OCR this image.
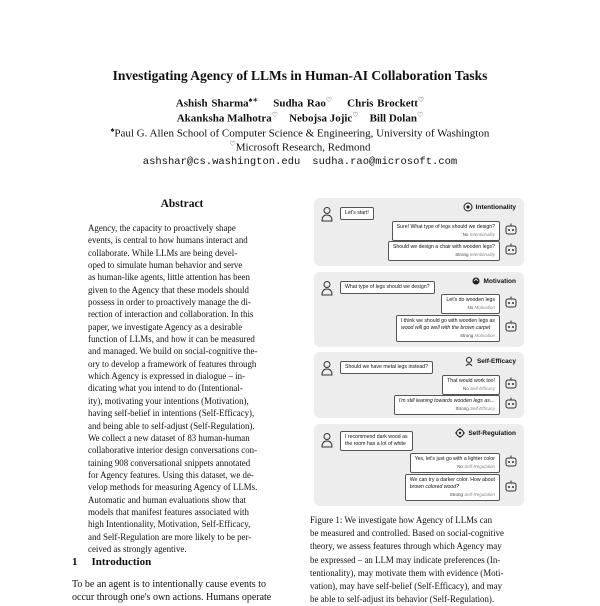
Investigating Agency of LLMs in Human-AI Collaboration Tasks
Ashish Sharma♠∗ Sudha Rao♡ Chris Brockett♡
Akanksha Malhotra♡ Nebojsa Jojic♡ Bill Dolan♡
♠Paul G. Allen School of Computer Science & Engineering, University of Washington
♡Microsoft Research, Redmond
ashshar@cs.washington.edu sudha.rao@microsoft.com
Abstract
Agency, the capacity to proactively shape
events, is central to how humans interact and
collaborate. While LLMs are being devel-
oped to simulate human behavior and serve
as human-like agents, little attention has been
given to the Agency that these models should
possess in order to proactively manage the di-
rection of interaction and collaboration. In this
paper, we investigate Agency as a desirable
function of LLMs, and how it can be measured
and managed. We build on social-cognitive the-
ory to develop a framework of features through
which Agency is expressed in dialogue – in-
dicating what you intend to do (Intentional-
ity), motivating your intentions (Motivation),
having self-belief in intentions (Self-Efficacy),
and being able to self-adjust (Self-Regulation).
We collect a new dataset of 83 human-human
collaborative interior design conversations con-
taining 908 conversational snippets annotated
for Agency features. Using this dataset, we de-
velop methods for measuring Agency of LLMs.
Automatic and human evaluations show that
models that manifest features associated with
high Intentionality, Motivation, Self-Efficacy,
and Self-Regulation are more likely to be per-
ceived as strongly agentive.
1 Introduction
To be an agent is to intentionally cause events to
occur through one's own actions. Humans operate
Intentionality
Let's start!
Sure! What type of legs should we design?
No Intentionality
Should we design a chair with wooden legs?
Strong Intentionality
Motivation
What type of legs should we design?
Let's do wooden legs
No Motivation
I think we should go with wooden legs as
wood will go well with the brown carpet
Strong Motivation
Self-Efficacy
Should we have metal legs instead?
That would work too!
No Self-Efficacy
I'm still leaning towards wooden legs as…
Strong Self-Efficacy
Self-Regulation
I recommend dark wood as
the room has a lot of white
Yes, let's just go with a lighter color
No Self-Regulation
We can try a darker color. How about
brown colored wood?
Strong Self-Regulation
Figure 1: We investigate how Agency of LLMs can
be measured and controlled. Based on social-cognitive
theory, we assess features through which Agency may
be expressed – an LLM may indicate preferences (In-
tentionality), may motivate them with evidence (Moti-
vation), may have self-belief (Self-Efficacy), and may
be able to self-adjust its behavior (Self-Regulation).
